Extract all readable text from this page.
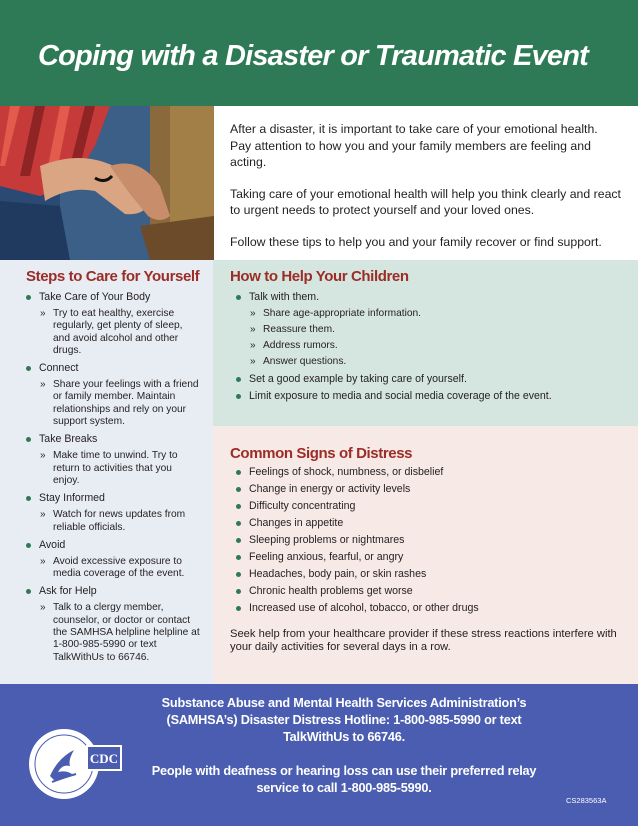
Coping with a Disaster or Traumatic Event

After a disaster, it is important to take care of your emotional health. Pay attention to how you and your family members are feeling and acting.

Taking care of your emotional health will help you think clearly and react to urgent needs to protect yourself and your loved ones.

Follow these tips to help you and your family recover or find support.

Steps to Care for Yourself
Take Care of Your Body
» Try to eat healthy, exercise regularly, get plenty of sleep, and avoid alcohol and other drugs.
Connect
» Share your feelings with a friend or family member. Maintain relationships and rely on your support system.
Take Breaks
» Make time to unwind. Try to return to activities that you enjoy.
Stay Informed
» Watch for news updates from reliable officials.
Avoid
» Avoid excessive exposure to media coverage of the event.
Ask for Help
» Talk to a clergy member, counselor, or doctor or contact the SAMHSA helpline helpline at 1-800-985-5990 or text TalkWithUs to 66746.
How to Help Your Children
Talk with them.
» Share age-appropriate information.
» Reassure them.
» Address rumors.
» Answer questions.
Set a good example by taking care of yourself.
Limit exposure to media and social media coverage of the event.
Common Signs of Distress
Feelings of shock, numbness, or disbelief
Change in energy or activity levels
Difficulty concentrating
Changes in appetite
Sleeping problems or nightmares
Feeling anxious, fearful, or angry
Headaches, body pain, or skin rashes
Chronic health problems get worse
Increased use of alcohol, tobacco, or other drugs

Seek help from your healthcare provider if these stress reactions interfere with your daily activities for several days in a row.

CDC

Substance Abuse and Mental Health Services Administration’s (SAMHSA’s) Disaster Distress Hotline: 1-800-985-5990 or text TalkWithUs to 66746.

People with deafness or hearing loss can use their preferred relay service to call 1-800-985-5990.

CS283563A
